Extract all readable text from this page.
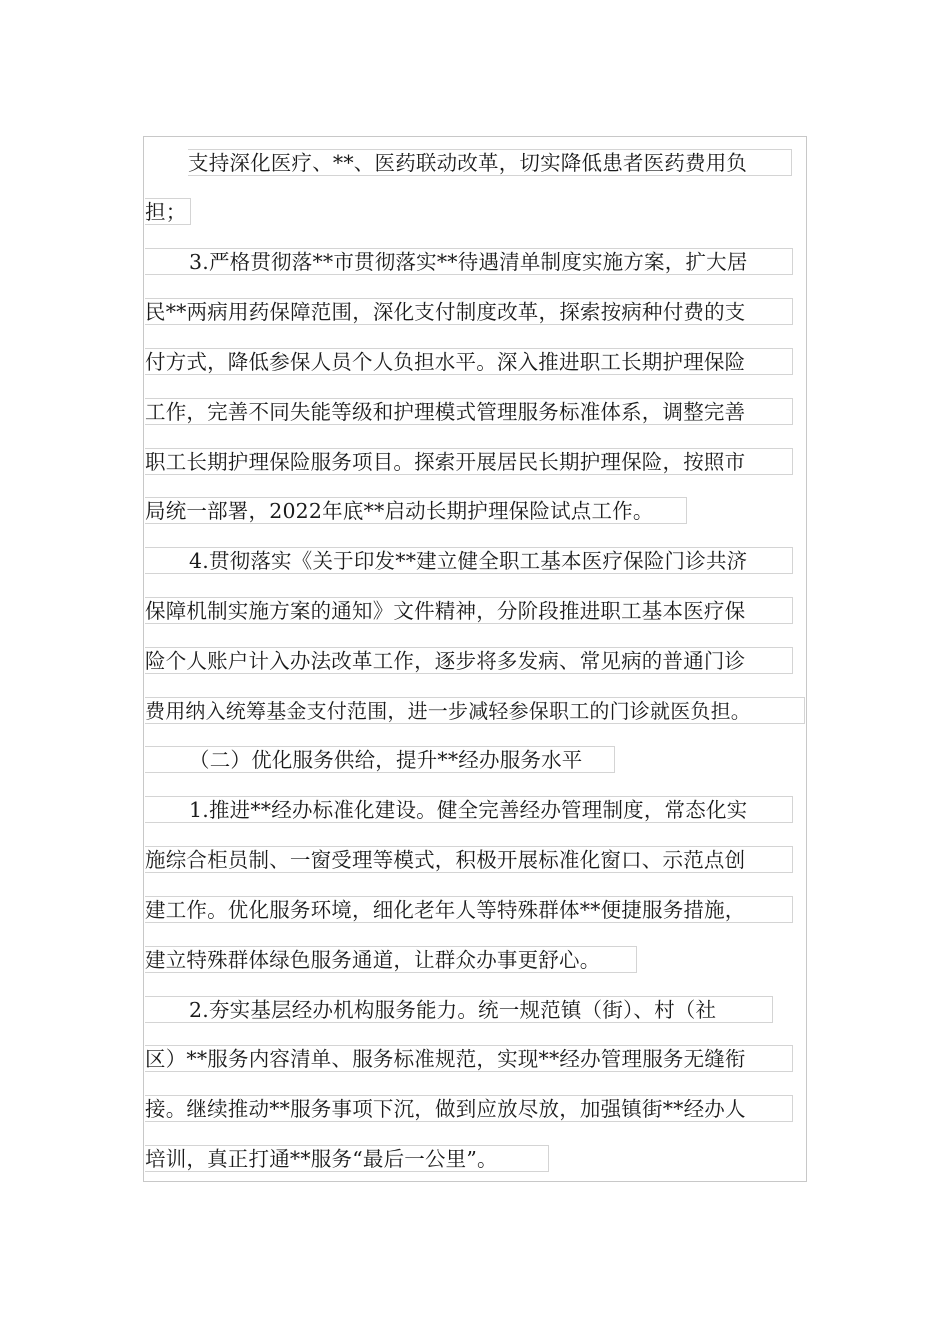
支持深化医疗、**、医药联动改革，切实降低患者医药费用负
担；
3.严格贯彻落**市贯彻落实**待遇清单制度实施方案，扩大居
民**两病用药保障范围，深化支付制度改革，探索按病种付费的支
付方式，降低参保人员个人负担水平。深入推进职工长期护理保险
工作，完善不同失能等级和护理模式管理服务标准体系，调整完善
职工长期护理保险服务项目。探索开展居民长期护理保险，按照市
局统一部署，2022年底**启动长期护理保险试点工作。
4.贯彻落实《关于印发**建立健全职工基本医疗保险门诊共济
保障机制实施方案的通知》文件精神，分阶段推进职工基本医疗保
险个人账户计入办法改革工作，逐步将多发病、常见病的普通门诊
费用纳入统筹基金支付范围，进一步减轻参保职工的门诊就医负担。
（二）优化服务供给，提升**经办服务水平
1.推进**经办标准化建设。健全完善经办管理制度，常态化实
施综合柜员制、一窗受理等模式，积极开展标准化窗口、示范点创
建工作。优化服务环境，细化老年人等特殊群体**便捷服务措施，
建立特殊群体绿色服务通道，让群众办事更舒心。
2.夯实基层经办机构服务能力。统一规范镇（街）、村（社
区）**服务内容清单、服务标准规范，实现**经办管理服务无缝衔
接。继续推动**服务事项下沉，做到应放尽放，加强镇街**经办人
培训，真正打通**服务“最后一公里”。
